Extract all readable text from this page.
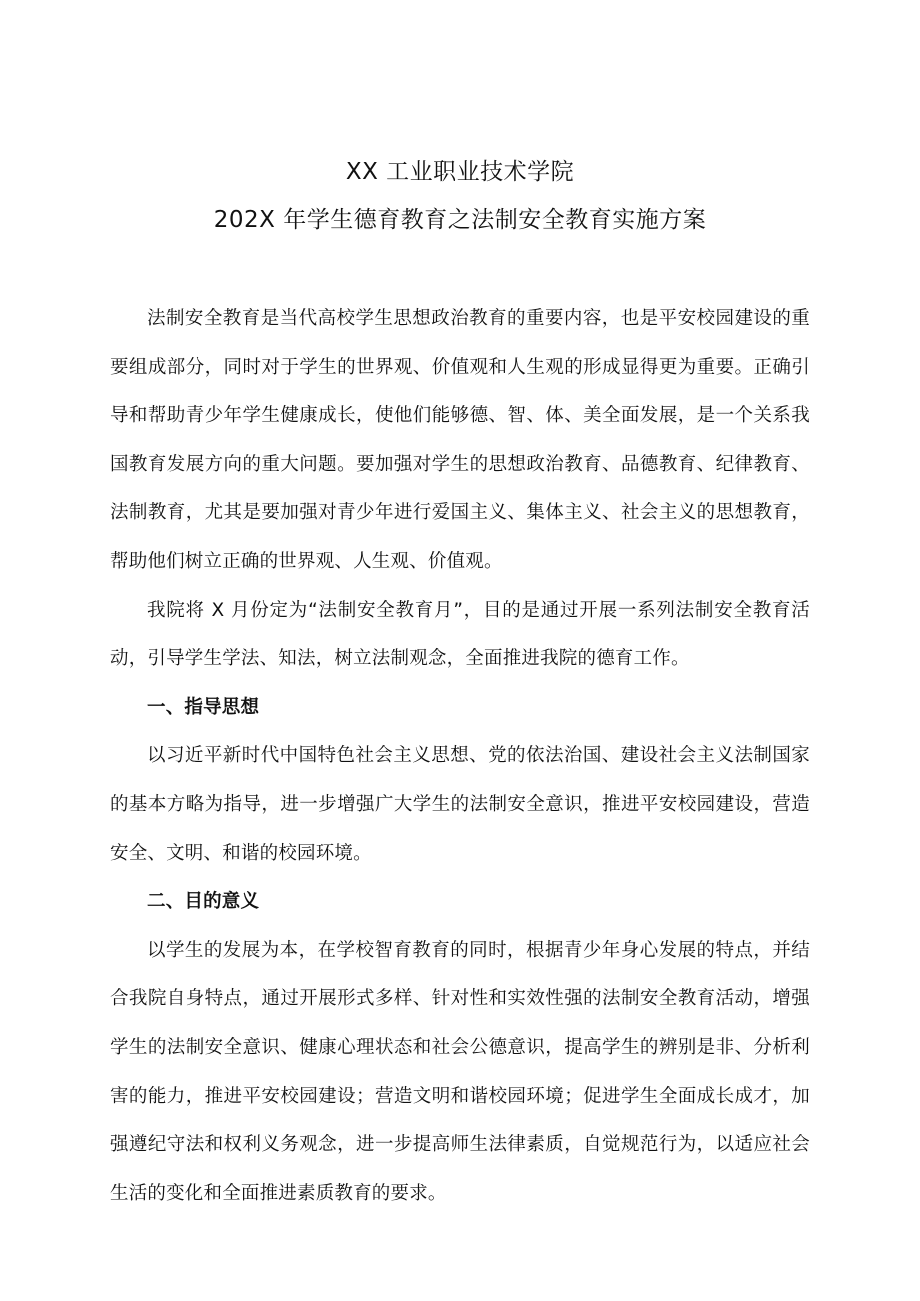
XX 工业职业技术学院
202X 年学生德育教育之法制安全教育实施方案

法制安全教育是当代高校学生思想政治教育的重要内容，也是平安校园建设的重要组成部分，同时对于学生的世界观、价值观和人生观的形成显得更为重要。正确引导和帮助青少年学生健康成长，使他们能够德、智、体、美全面发展，是一个关系我国教育发展方向的重大问题。要加强对学生的思想政治教育、品德教育、纪律教育、法制教育，尤其是要加强对青少年进行爱国主义、集体主义、社会主义的思想教育，帮助他们树立正确的世界观、人生观、价值观。

我院将 X 月份定为“法制安全教育月”，目的是通过开展一系列法制安全教育活动，引导学生学法、知法，树立法制观念，全面推进我院的德育工作。

一、指导思想

以习近平新时代中国特色社会主义思想、党的依法治国、建设社会主义法制国家的基本方略为指导，进一步增强广大学生的法制安全意识，推进平安校园建设，营造安全、文明、和谐的校园环境。

二、目的意义

以学生的发展为本，在学校智育教育的同时，根据青少年身心发展的特点，并结合我院自身特点，通过开展形式多样、针对性和实效性强的法制安全教育活动，增强学生的法制安全意识、健康心理状态和社会公德意识，提高学生的辨别是非、分析利害的能力，推进平安校园建设；营造文明和谐校园环境；促进学生全面成长成才，加强遵纪守法和权利义务观念，进一步提高师生法律素质，自觉规范行为，以适应社会生活的变化和全面推进素质教育的要求。
